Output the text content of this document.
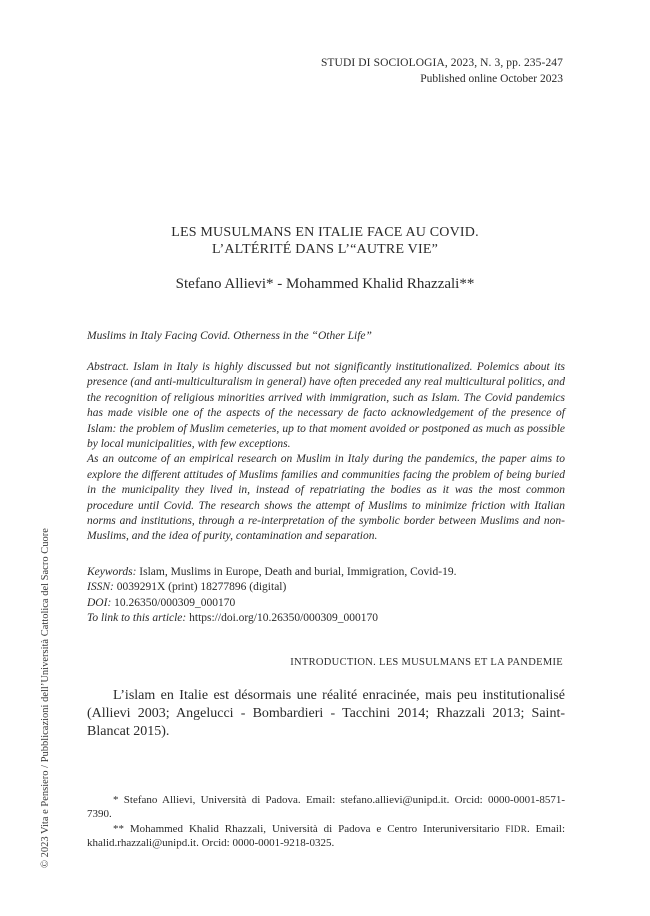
STUDI DI SOCIOLOGIA, 2023, N. 3, pp. 235-247
Published online October 2023
LES MUSULMANS EN ITALIE FACE AU COVID.
L’ALTÉRITÉ DANS L’“AUTRE VIE”
Stefano Allievi* - Mohammed Khalid Rhazzali**
Muslims in Italy Facing Covid. Otherness in the “Other Life”

Abstract. Islam in Italy is highly discussed but not significantly institutionalized. Polemics about its presence (and anti-multiculturalism in general) have often preceded any real multicultural politics, and the recognition of religious minorities arrived with immigration, such as Islam. The Covid pandemics has made visible one of the aspects of the necessary de facto acknowledgement of the presence of Islam: the problem of Muslim cemeteries, up to that moment avoided or postponed as much as possible by local municipalities, with few exceptions.

As an outcome of an empirical research on Muslim in Italy during the pandemics, the paper aims to explore the different attitudes of Muslims families and communities facing the problem of being buried in the municipality they lived in, instead of repatriating the bodies as it was the most common procedure until Covid. The research shows the attempt of Muslims to minimize friction with Italian norms and institutions, through a re-interpretation of the symbolic border between Muslims and non-Muslims, and the idea of purity, contamination and separation.

Keywords: Islam, Muslims in Europe, Death and burial, Immigration, Covid-19.
ISSN: 0039291X (print) 18277896 (digital)
DOI: 10.26350/000309_000170
To link to this article: https://doi.org/10.26350/000309_000170
INTRODUCTION. LES MUSULMANS ET LA PANDEMIE
L’islam en Italie est désormais une réalité enracinée, mais peu institutionalisé (Allievi 2003; Angelucci - Bombardieri - Tacchini 2014; Rhazzali 2013; Saint-Blancat 2015).

* Stefano Allievi, Università di Padova. Email: stefano.allievi@unipd.it. Orcid: 0000-0001-8571-7390.

** Mohammed Khalid Rhazzali, Università di Padova e Centro Interuniversitario FIDR. Email: khalid.rhazzali@unipd.it. Orcid: 0000-0001-9218-0325.

© 2023 Vita e Pensiero / Pubblicazioni dell’Università Cattolica del Sacro Cuore
